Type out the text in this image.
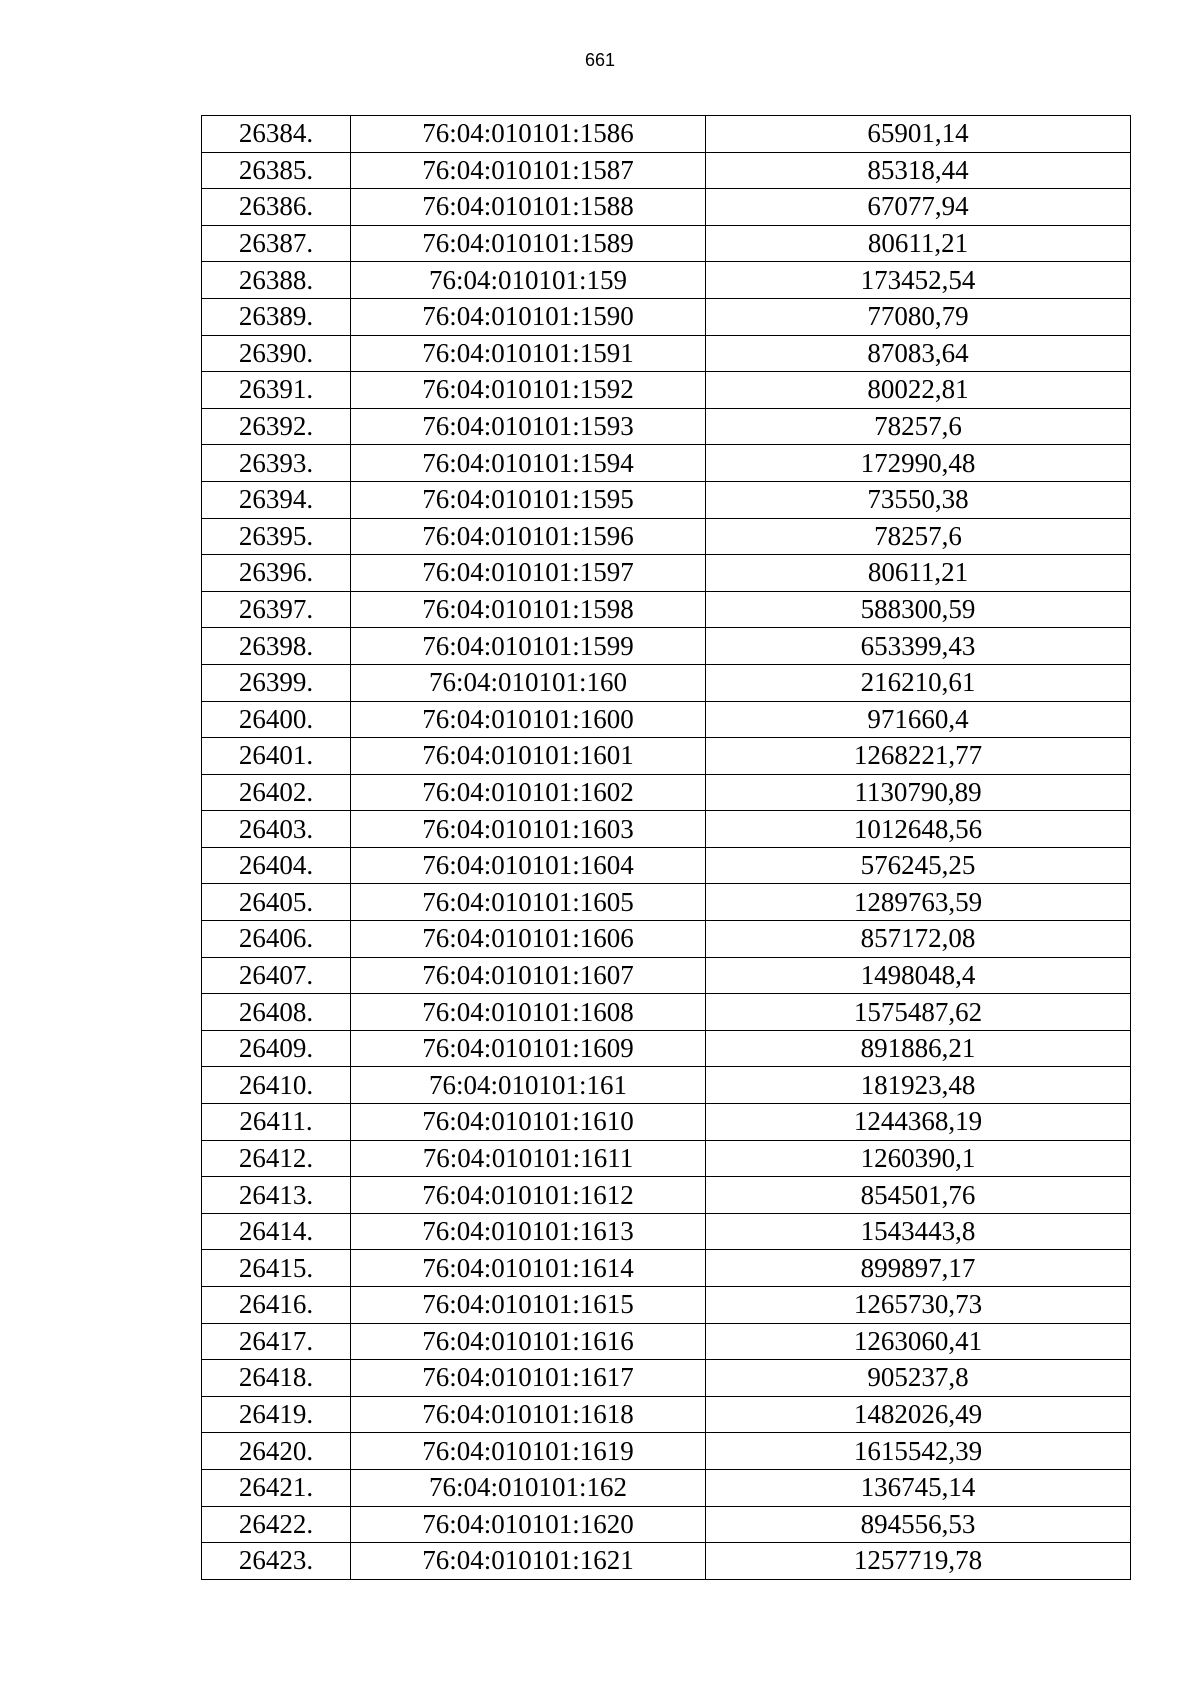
661
26384.	76:04:010101:1586	65901,14
26385.	76:04:010101:1587	85318,44
26386.	76:04:010101:1588	67077,94
26387.	76:04:010101:1589	80611,21
26388.	76:04:010101:159	173452,54
26389.	76:04:010101:1590	77080,79
26390.	76:04:010101:1591	87083,64
26391.	76:04:010101:1592	80022,81
26392.	76:04:010101:1593	78257,6
26393.	76:04:010101:1594	172990,48
26394.	76:04:010101:1595	73550,38
26395.	76:04:010101:1596	78257,6
26396.	76:04:010101:1597	80611,21
26397.	76:04:010101:1598	588300,59
26398.	76:04:010101:1599	653399,43
26399.	76:04:010101:160	216210,61
26400.	76:04:010101:1600	971660,4
26401.	76:04:010101:1601	1268221,77
26402.	76:04:010101:1602	1130790,89
26403.	76:04:010101:1603	1012648,56
26404.	76:04:010101:1604	576245,25
26405.	76:04:010101:1605	1289763,59
26406.	76:04:010101:1606	857172,08
26407.	76:04:010101:1607	1498048,4
26408.	76:04:010101:1608	1575487,62
26409.	76:04:010101:1609	891886,21
26410.	76:04:010101:161	181923,48
26411.	76:04:010101:1610	1244368,19
26412.	76:04:010101:1611	1260390,1
26413.	76:04:010101:1612	854501,76
26414.	76:04:010101:1613	1543443,8
26415.	76:04:010101:1614	899897,17
26416.	76:04:010101:1615	1265730,73
26417.	76:04:010101:1616	1263060,41
26418.	76:04:010101:1617	905237,8
26419.	76:04:010101:1618	1482026,49
26420.	76:04:010101:1619	1615542,39
26421.	76:04:010101:162	136745,14
26422.	76:04:010101:1620	894556,53
26423.	76:04:010101:1621	1257719,78
